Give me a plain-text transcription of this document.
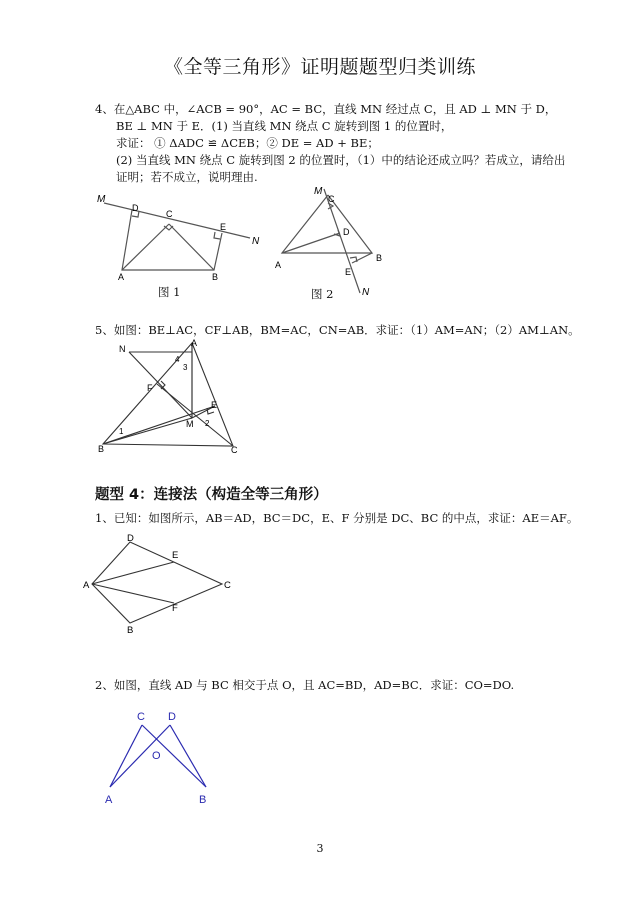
《全等三角形》证明题题型归类训练
4、在△ABC 中，∠ACB = 90°，AC = BC，直线 MN 经过点 C，且 AD ⊥ MN 于 D，
BE ⊥ MN 于 E．(1) 当直线 MN 绕点 C 旋转到图 1 的位置时，
求证： ① ΔADC ≌ ΔCEB；② DE = AD + BE；
(2) 当直线 MN 绕点 C 旋转到图 2 的位置时，（1）中的结论还成立吗？若成立，请给出
证明；若不成立，说明理由.
M
N
D
C
E
A	B
图 1
M
C
D
A
B
E
N
图 2
5、如图：BE⊥AC，CF⊥AB，BM=AC，CN=AB．求证：（1）AM=AN；（2）AM⊥AN。
N
A
4
3
F
E
M 2
1
B	C
题型 4：连接法（构造全等三角形）
1、已知：如图所示，AB＝AD，BC＝DC，E、F 分别是 DC、BC 的中点，求证：AE＝AF。
D
E
A	C
F
B
2、如图，直线 AD 与 BC 相交于点 O，且 AC=BD，AD=BC．求证：CO=DO.
C D
O
A	B
3
